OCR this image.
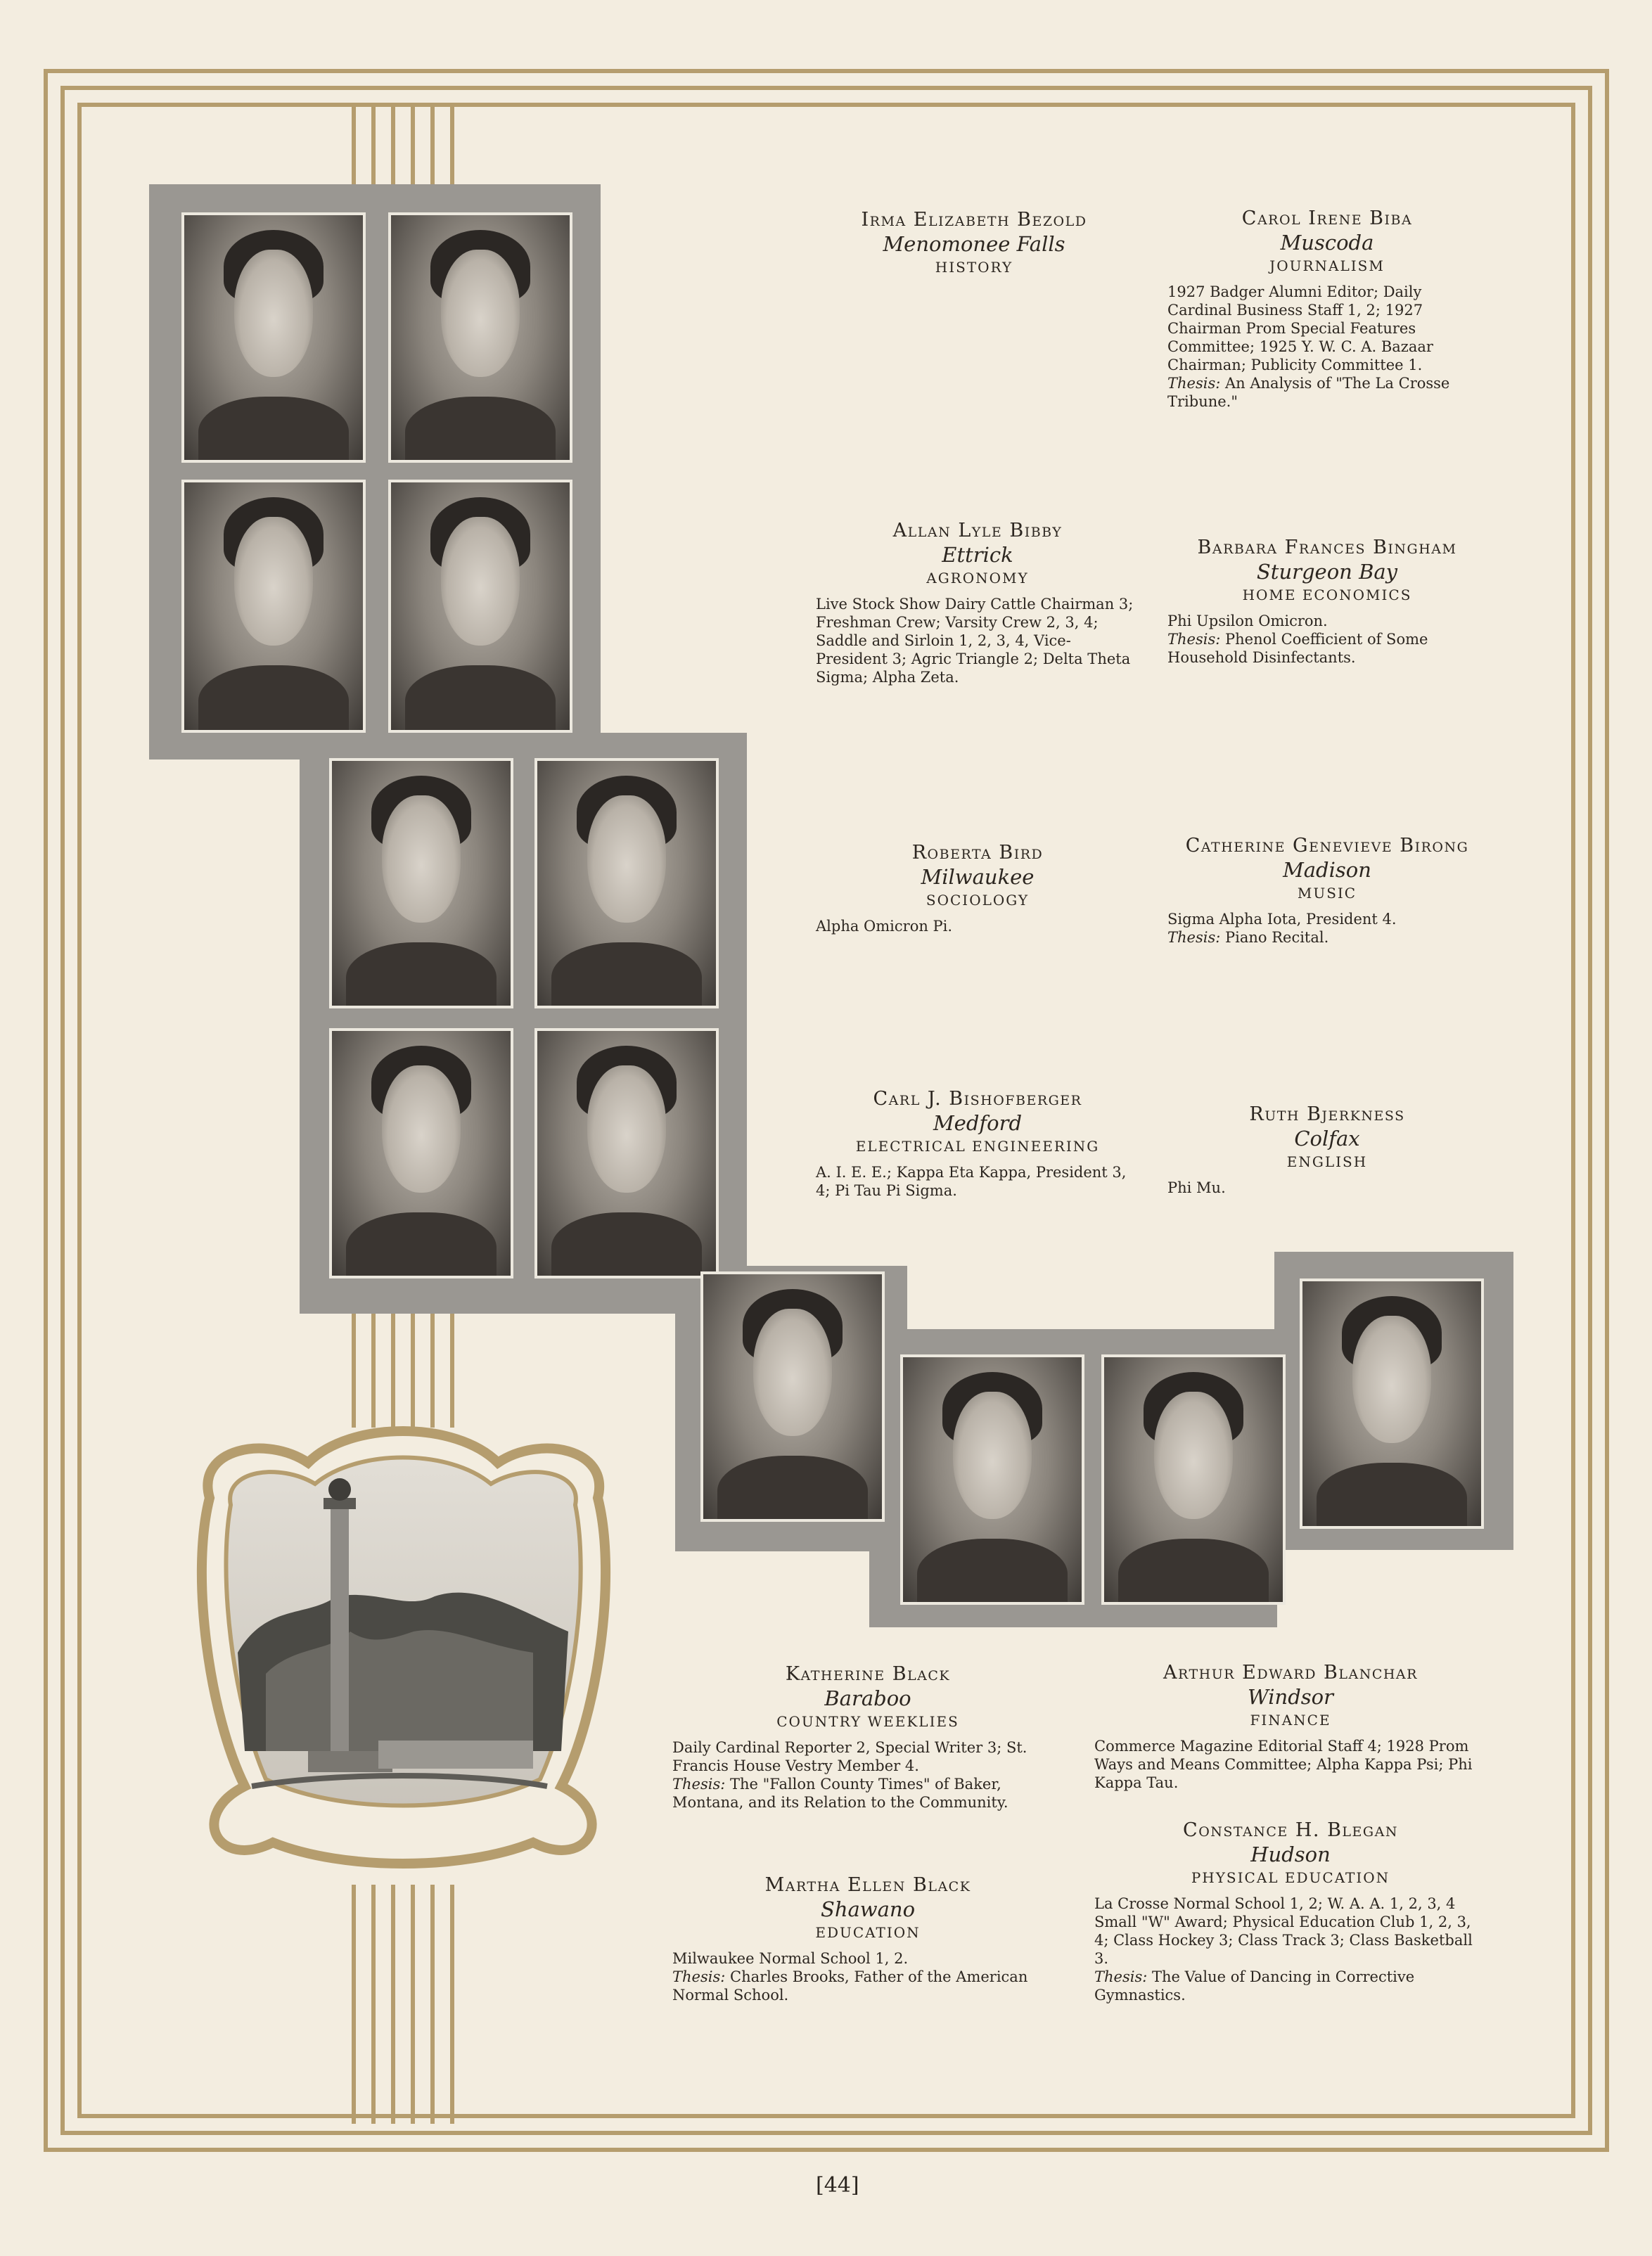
Irma Elizabeth Bezold

Menomonee Falls

HISTORY

Carol Irene Biba

Muscoda

JOURNALISM

1927 Badger Alumni Editor; Daily Cardinal Business Staff 1, 2; 1927 Chairman Prom Special Features Committee; 1925 Y. W. C. A. Bazaar Chairman; Publicity Committee 1.

Thesis: An Analysis of "The La Crosse Tribune."

Allan Lyle Bibby

Ettrick

AGRONOMY

Live Stock Show Dairy Cattle Chairman 3; Freshman Crew; Varsity Crew 2, 3, 4; Saddle and Sirloin 1, 2, 3, 4, Vice-President 3; Agric Triangle 2; Delta Theta Sigma; Alpha Zeta.

Barbara Frances Bingham

Sturgeon Bay

HOME ECONOMICS

Phi Upsilon Omicron.

Thesis: Phenol Coefficient of Some Household Disinfectants.

Roberta Bird

Milwaukee

SOCIOLOGY

Alpha Omicron Pi.

Catherine Genevieve Birong

Madison

MUSIC

Sigma Alpha Iota, President 4.

Thesis: Piano Recital.

Carl J. Bishofberger

Medford

ELECTRICAL ENGINEERING

A. I. E. E.; Kappa Eta Kappa, President 3, 4; Pi Tau Pi Sigma.

Ruth Bjerkness

Colfax

ENGLISH

Phi Mu.

Katherine Black

Baraboo

COUNTRY WEEKLIES

Daily Cardinal Reporter 2, Special Writer 3; St. Francis House Vestry Member 4.

Thesis: The "Fallon County Times" of Baker, Montana, and its Relation to the Community.

Arthur Edward Blanchar

Windsor

FINANCE

Commerce Magazine Editorial Staff 4; 1928 Prom Ways and Means Committee; Alpha Kappa Psi; Phi Kappa Tau.

Constance H. Blegan

Hudson

PHYSICAL EDUCATION

La Crosse Normal School 1, 2; W. A. A. 1, 2, 3, 4 Small "W" Award; Physical Education Club 1, 2, 3, 4; Class Hockey 3; Class Track 3; Class Basketball 3.

Thesis: The Value of Dancing in Corrective Gymnastics.

Martha Ellen Black

Shawano

EDUCATION

Milwaukee Normal School 1, 2.

Thesis: Charles Brooks, Father of the American Normal School.

[44]
